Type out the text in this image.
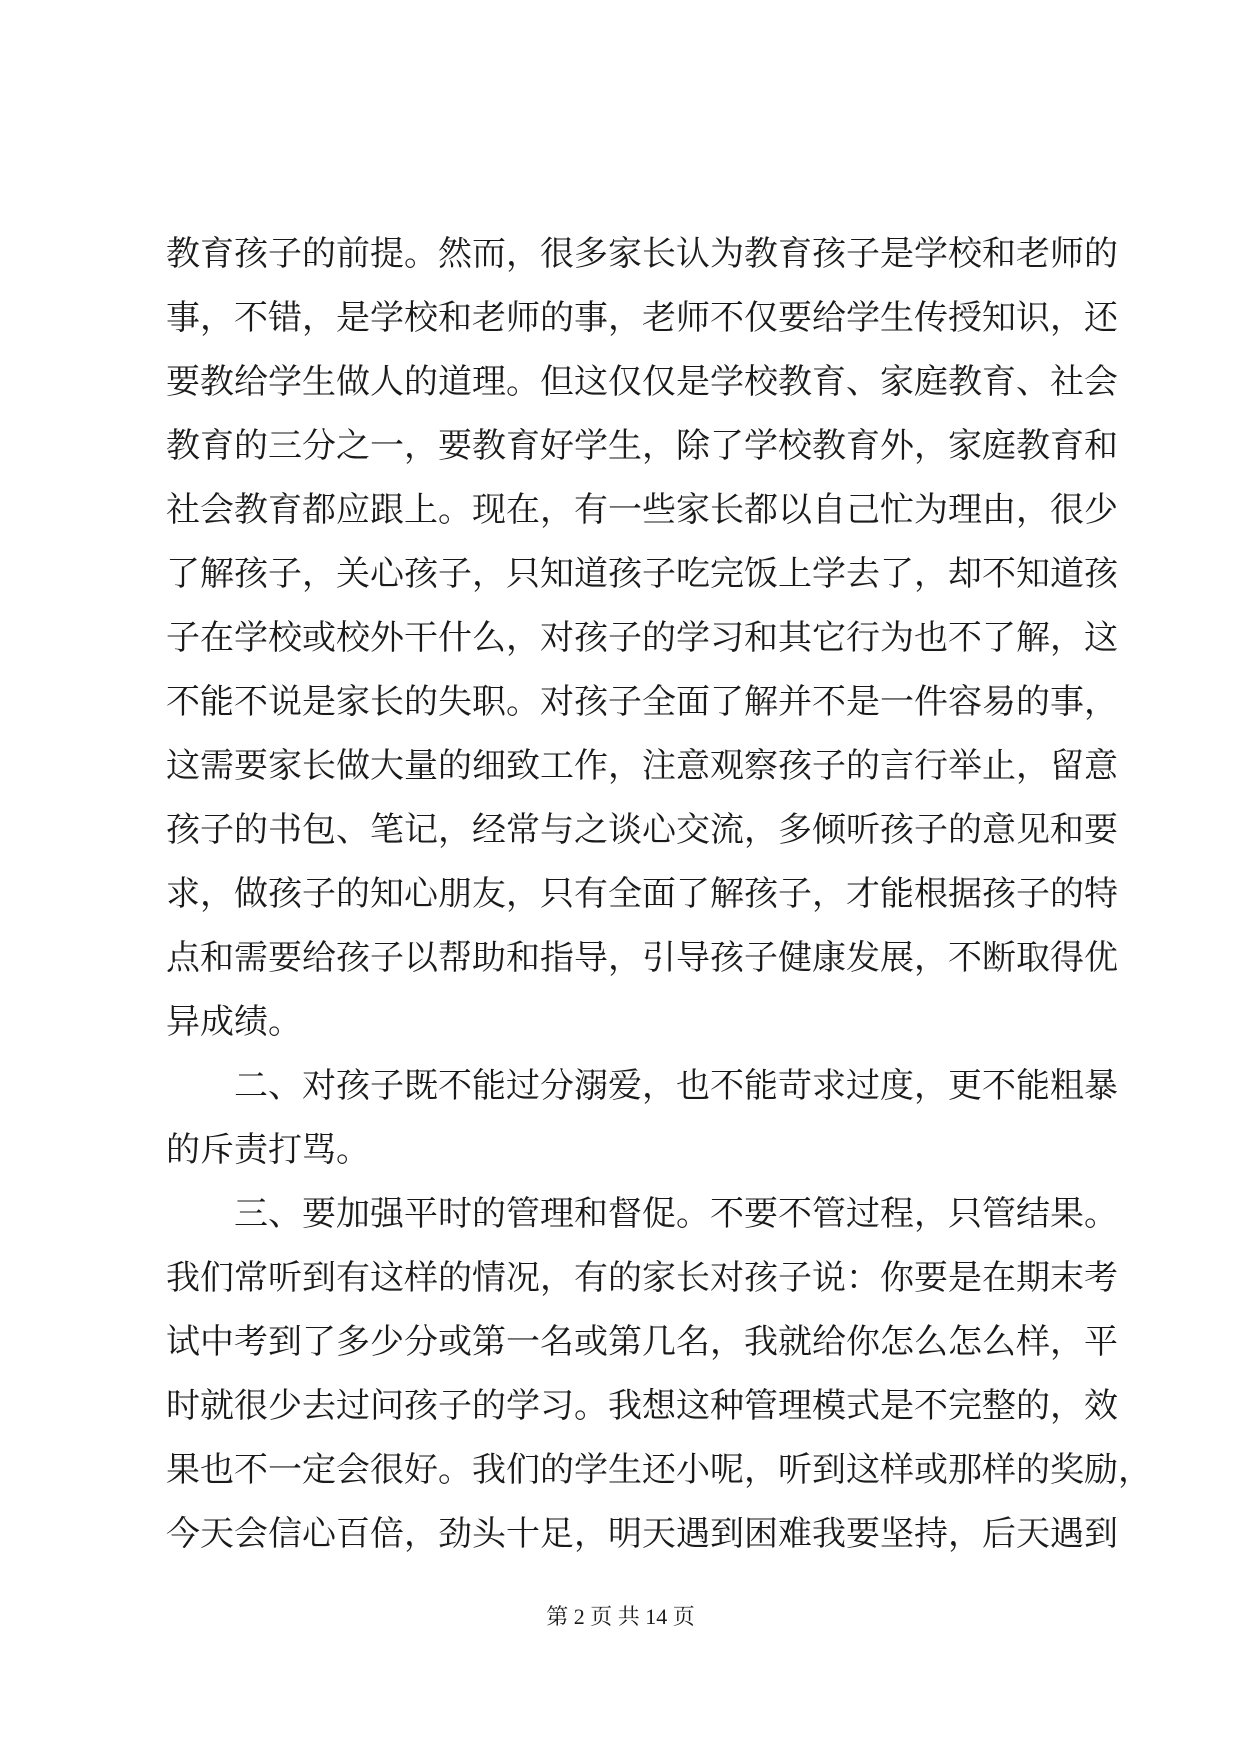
教育孩子的前提。然而，很多家长认为教育孩子是学校和老师的
事，不错，是学校和老师的事，老师不仅要给学生传授知识，还
要教给学生做人的道理。但这仅仅是学校教育、家庭教育、社会
教育的三分之一，要教育好学生，除了学校教育外，家庭教育和
社会教育都应跟上。现在，有一些家长都以自己忙为理由，很少
了解孩子，关心孩子，只知道孩子吃完饭上学去了，却不知道孩
子在学校或校外干什么，对孩子的学习和其它行为也不了解，这
不能不说是家长的失职。对孩子全面了解并不是一件容易的事，
这需要家长做大量的细致工作，注意观察孩子的言行举止，留意
孩子的书包、笔记，经常与之谈心交流，多倾听孩子的意见和要
求，做孩子的知心朋友，只有全面了解孩子，才能根据孩子的特
点和需要给孩子以帮助和指导，引导孩子健康发展，不断取得优
异成绩。
二、对孩子既不能过分溺爱，也不能苛求过度，更不能粗暴
的斥责打骂。
三、要加强平时的管理和督促。不要不管过程，只管结果。
我们常听到有这样的情况，有的家长对孩子说：你要是在期末考
试中考到了多少分或第一名或第几名，我就给你怎么怎么样，平
时就很少去过问孩子的学习。我想这种管理模式是不完整的，效
果也不一定会很好。我们的学生还小呢，听到这样或那样的奖励，
今天会信心百倍，劲头十足，明天遇到困难我要坚持，后天遇到
第 2 页 共 14 页
